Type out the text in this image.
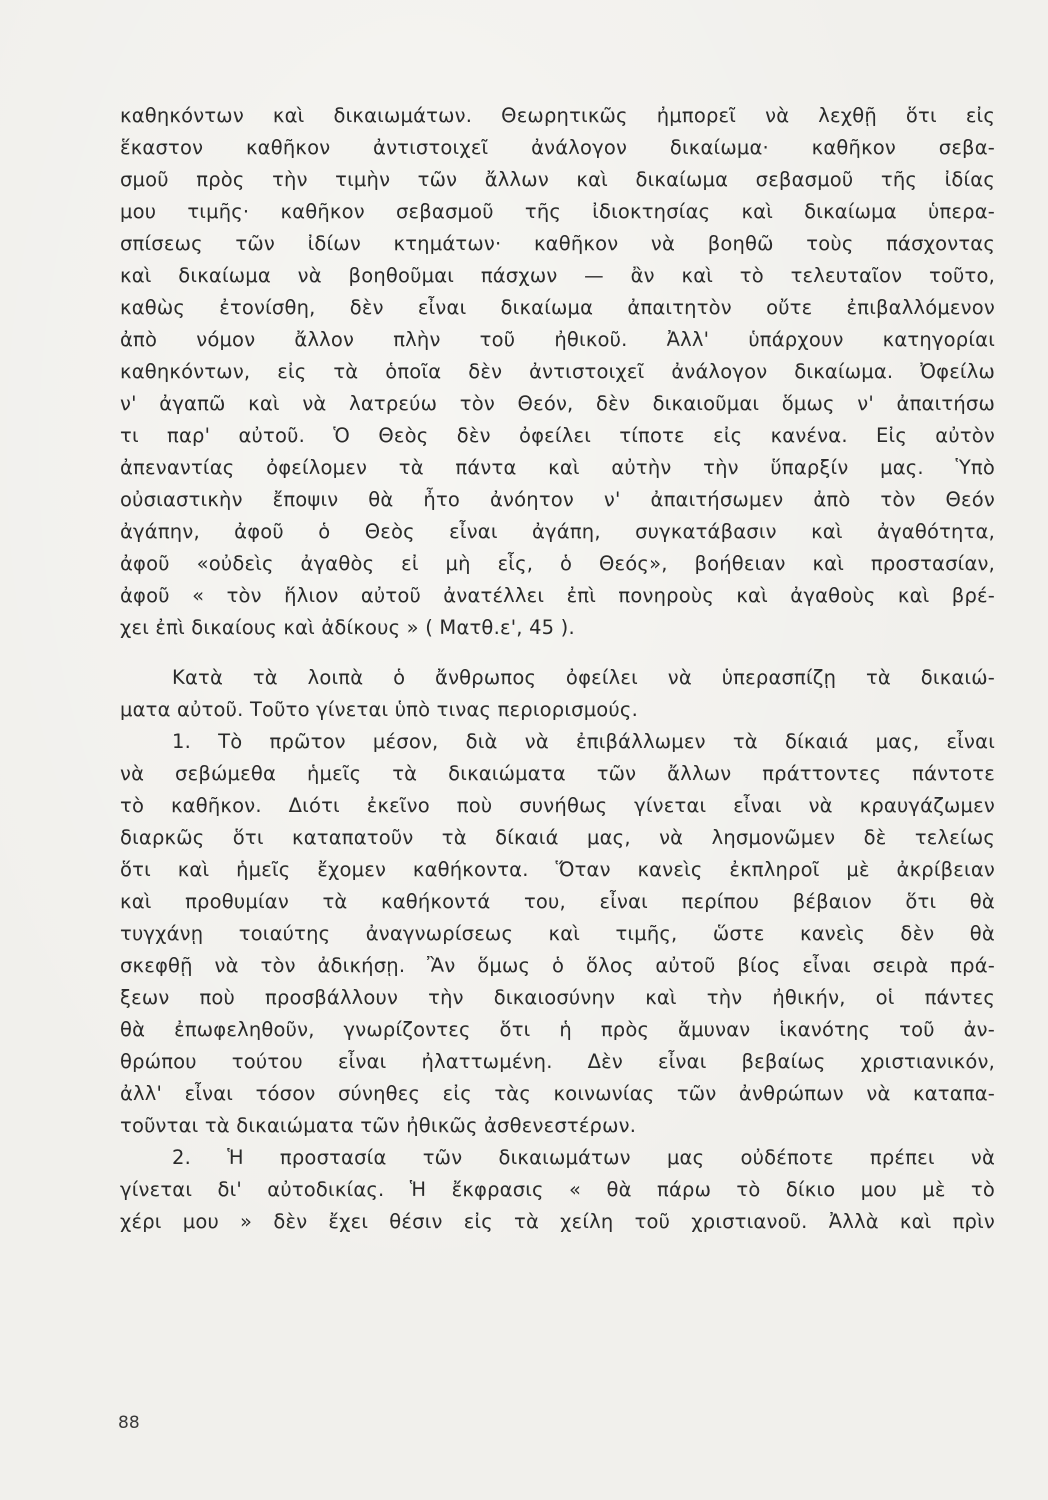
καθηκόντων καὶ δικαιωμάτων. Θεωρητικῶς ἠμπορεῖ νὰ λεχθῇ ὅτι εἰς
ἕκαστον καθῆκον ἀντιστοιχεῖ ἀνάλογον δικαίωμα· καθῆκον σεβα-
σμοῦ πρὸς τὴν τιμὴν τῶν ἄλλων καὶ δικαίωμα σεβασμοῦ τῆς ἰδίας
μου τιμῆς· καθῆκον σεβασμοῦ τῆς ἰδιοκτησίας καὶ δικαίωμα ὑπερα-
σπίσεως τῶν ἰδίων κτημάτων· καθῆκον νὰ βοηθῶ τοὺς πάσχοντας
καὶ δικαίωμα νὰ βοηθοῦμαι πάσχων — ἂν καὶ τὸ τελευταῖον τοῦτο,
καθὼς ἐτονίσθη, δὲν εἶναι δικαίωμα ἀπαιτητὸν οὔτε ἐπιβαλλόμενον
ἀπὸ νόμον ἄλλον πλὴν τοῦ ἠθικοῦ. Ἀλλ' ὑπάρχουν κατηγορίαι
καθηκόντων, εἰς τὰ ὁποῖα δὲν ἀντιστοιχεῖ ἀνάλογον δικαίωμα. Ὀφείλω
ν' ἀγαπῶ καὶ νὰ λατρεύω τὸν Θεόν, δὲν δικαιοῦμαι ὅμως ν' ἀπαιτήσω
τι παρ' αὐτοῦ. Ὁ Θεὸς δὲν ὀφείλει τίποτε εἰς κανένα. Εἰς αὐτὸν
ἀπεναντίας ὀφείλομεν τὰ πάντα καὶ αὐτὴν τὴν ὕπαρξίν μας. Ὑπὸ
οὐσιαστικὴν ἔποψιν θὰ ἦτο ἀνόητον ν' ἀπαιτήσωμεν ἀπὸ τὸν Θεόν
ἀγάπην, ἀφοῦ ὁ Θεὸς εἶναι ἀγάπη, συγκατάβασιν καὶ ἀγαθότητα,
ἀφοῦ «οὐδεὶς ἀγαθὸς εἰ μὴ εἷς, ὁ Θεός», βοήθειαν καὶ προστασίαν,
ἀφοῦ « τὸν ἥλιον αὐτοῦ ἀνατέλλει ἐπὶ πονηροὺς καὶ ἀγαθοὺς καὶ βρέ-
χει ἐπὶ δικαίους καὶ ἀδίκους » ( Ματθ.ε', 45 ).
Κατὰ τὰ λοιπὰ ὁ ἄνθρωπος ὀφείλει νὰ ὑπερασπίζῃ τὰ δικαιώ-
ματα αὐτοῦ. Τοῦτο γίνεται ὑπὸ τινας περιορισμούς.
1. Τὸ πρῶτον μέσον, διὰ νὰ ἐπιβάλλωμεν τὰ δίκαιά μας, εἶναι
νὰ σεβώμεθα ἡμεῖς τὰ δικαιώματα τῶν ἄλλων πράττοντες πάντοτε
τὸ καθῆκον. Διότι ἐκεῖνο ποὺ συνήθως γίνεται εἶναι νὰ κραυγάζωμεν
διαρκῶς ὅτι καταπατοῦν τὰ δίκαιά μας, νὰ λησμονῶμεν δὲ τελείως
ὅτι καὶ ἡμεῖς ἔχομεν καθήκοντα. Ὅταν κανεὶς ἐκπληροῖ μὲ ἀκρίβειαν
καὶ προθυμίαν τὰ καθήκοντά του, εἶναι περίπου βέβαιον ὅτι θὰ
τυγχάνῃ τοιαύτης ἀναγνωρίσεως καὶ τιμῆς, ὥστε κανεὶς δὲν θὰ
σκεφθῇ νὰ τὸν ἀδικήσῃ. Ἂν ὅμως ὁ ὅλος αὐτοῦ βίος εἶναι σειρὰ πρά-
ξεων ποὺ προσβάλλουν τὴν δικαιοσύνην καὶ τὴν ἠθικήν, οἱ πάντες
θὰ ἐπωφεληθοῦν, γνωρίζοντες ὅτι ἡ πρὸς ἄμυναν ἱκανότης τοῦ ἀν-
θρώπου τούτου εἶναι ἠλαττωμένη. Δὲν εἶναι βεβαίως χριστιανικόν,
ἀλλ' εἶναι τόσον σύνηθες εἰς τὰς κοινωνίας τῶν ἀνθρώπων νὰ καταπα-
τοῦνται τὰ δικαιώματα τῶν ἠθικῶς ἀσθενεστέρων.
2. Ἡ προστασία τῶν δικαιωμάτων μας οὐδέποτε πρέπει νὰ
γίνεται δι' αὐτοδικίας. Ἡ ἔκφρασις « θὰ πάρω τὸ δίκιο μου μὲ τὸ
χέρι μου » δὲν ἔχει θέσιν εἰς τὰ χείλη τοῦ χριστιανοῦ. Ἀλλὰ καὶ πρὶν
88
